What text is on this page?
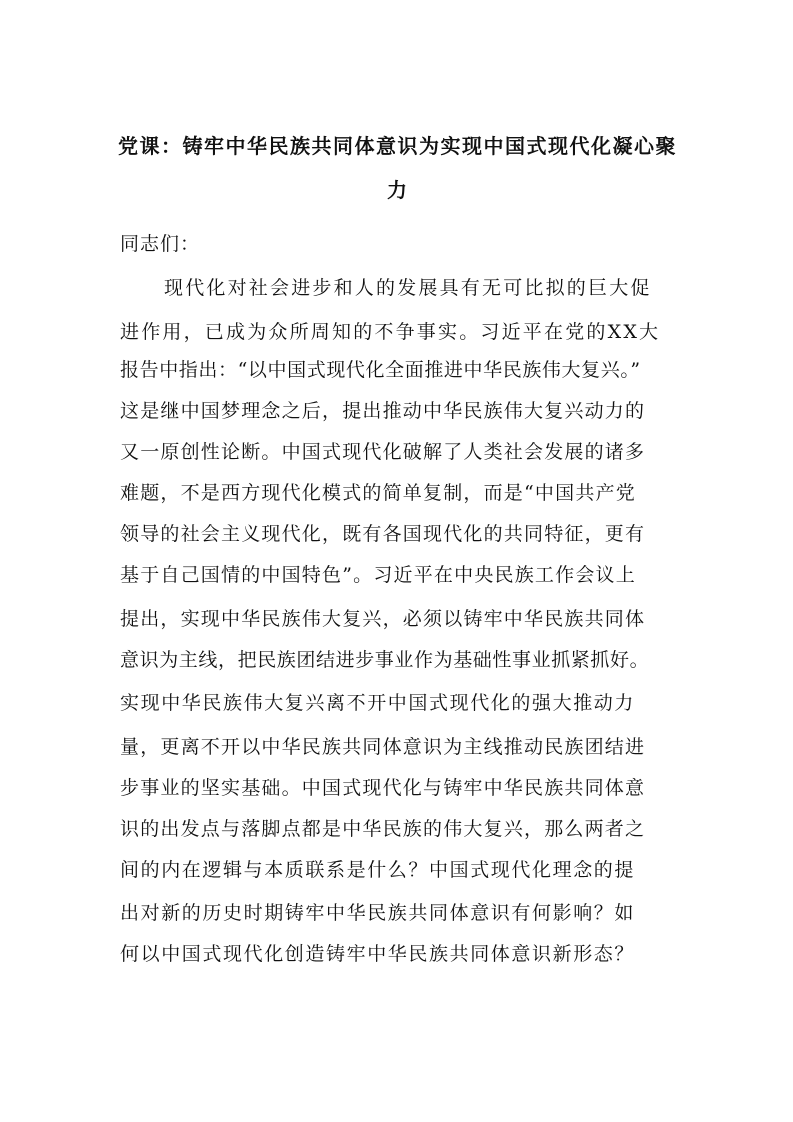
党课：铸牢中华民族共同体意识为实现中国式现代化凝心聚
力
同志们：
现代化对社会进步和人的发展具有无可比拟的巨大促
进作用，已成为众所周知的不争事实。习近平在党的XX大
报告中指出：“以中国式现代化全面推进中华民族伟大复兴。”
这是继中国梦理念之后，提出推动中华民族伟大复兴动力的
又一原创性论断。中国式现代化破解了人类社会发展的诸多
难题，不是西方现代化模式的简单复制，而是“中国共产党
领导的社会主义现代化，既有各国现代化的共同特征，更有
基于自己国情的中国特色”。习近平在中央民族工作会议上
提出，实现中华民族伟大复兴，必须以铸牢中华民族共同体
意识为主线，把民族团结进步事业作为基础性事业抓紧抓好。
实现中华民族伟大复兴离不开中国式现代化的强大推动力
量，更离不开以中华民族共同体意识为主线推动民族团结进
步事业的坚实基础。中国式现代化与铸牢中华民族共同体意
识的出发点与落脚点都是中华民族的伟大复兴，那么两者之
间的内在逻辑与本质联系是什么？中国式现代化理念的提
出对新的历史时期铸牢中华民族共同体意识有何影响？如
何以中国式现代化创造铸牢中华民族共同体意识新形态？
